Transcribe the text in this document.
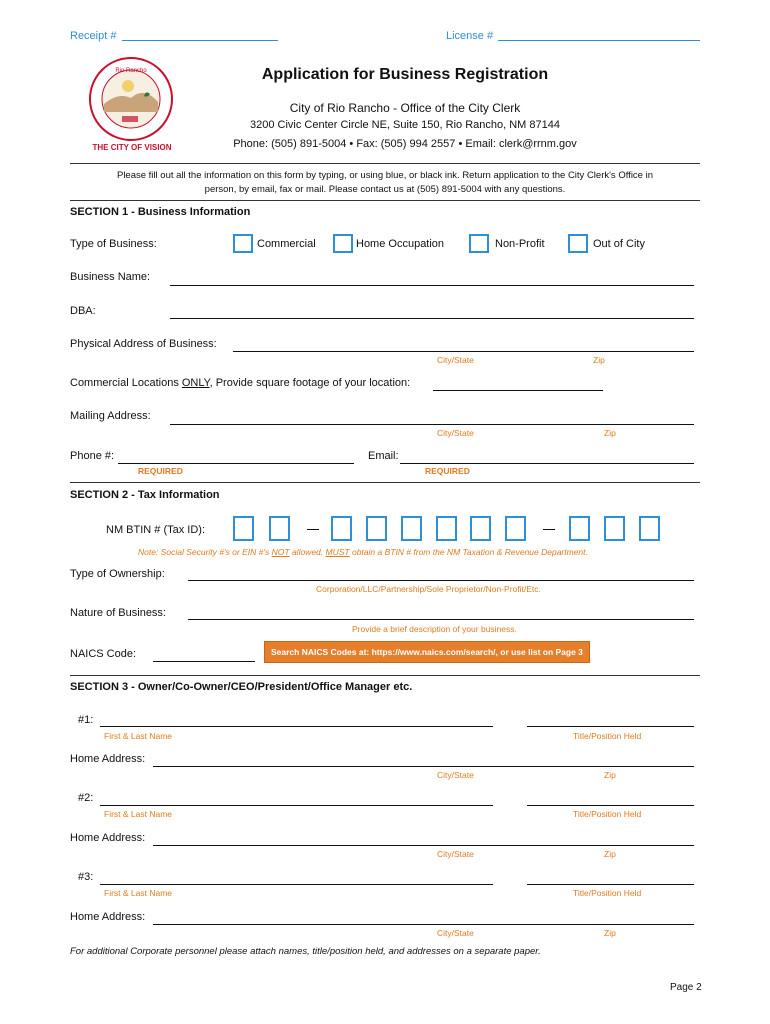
Receipt #	License #
Rio Rancho
THE CITY OF VISION
Application for Business Registration
City of Rio Rancho - Office of the City Clerk
3200 Civic Center Circle NE, Suite 150, Rio Rancho, NM 87144
Phone: (505) 891-5004 • Fax: (505) 994 2557 • Email: clerk@rrnm.gov
Please fill out all the information on this form by typing, or using blue, or black ink. Return application to the City Clerk's Office in
person, by email, fax or mail. Please contact us at (505) 891-5004 with any questions.
SECTION 1 - Business Information
Type of Business:	Commercial	Home Occupation	Non-Profit	Out of City
Business Name:
DBA:
Physical Address of Business:
City/State	Zip
Commercial Locations ONLY, Provide square footage of your location:
Mailing Address:
City/State	Zip
Phone #:
REQUIRED
Email:
REQUIRED
SECTION 2 - Tax Information
NM BTIN # (Tax ID):
Note: Social Security #'s or EIN #'s NOT allowed. MUST obtain a BTIN # from the NM Taxation & Revenue Department.
Type of Ownership:
Corporation/LLC/Partnership/Sole Proprietor/Non-Profit/Etc.
Nature of Business:
Provide a brief description of your business.
NAICS Code:	Search NAICS Codes at: https://www.naics.com/search/, or use list on Page 3
SECTION 3 - Owner/Co-Owner/CEO/President/Office Manager etc.
#1:
First & Last Name	Title/Position Held
Home Address:
City/State	Zip
#2:
First & Last Name	Title/Position Held
Home Address:
City/State	Zip
#3:
First & Last Name	Title/Position Held
Home Address:
City/State	Zip
For additional Corporate personnel please attach names, title/position held, and addresses on a separate paper.
Page 2
